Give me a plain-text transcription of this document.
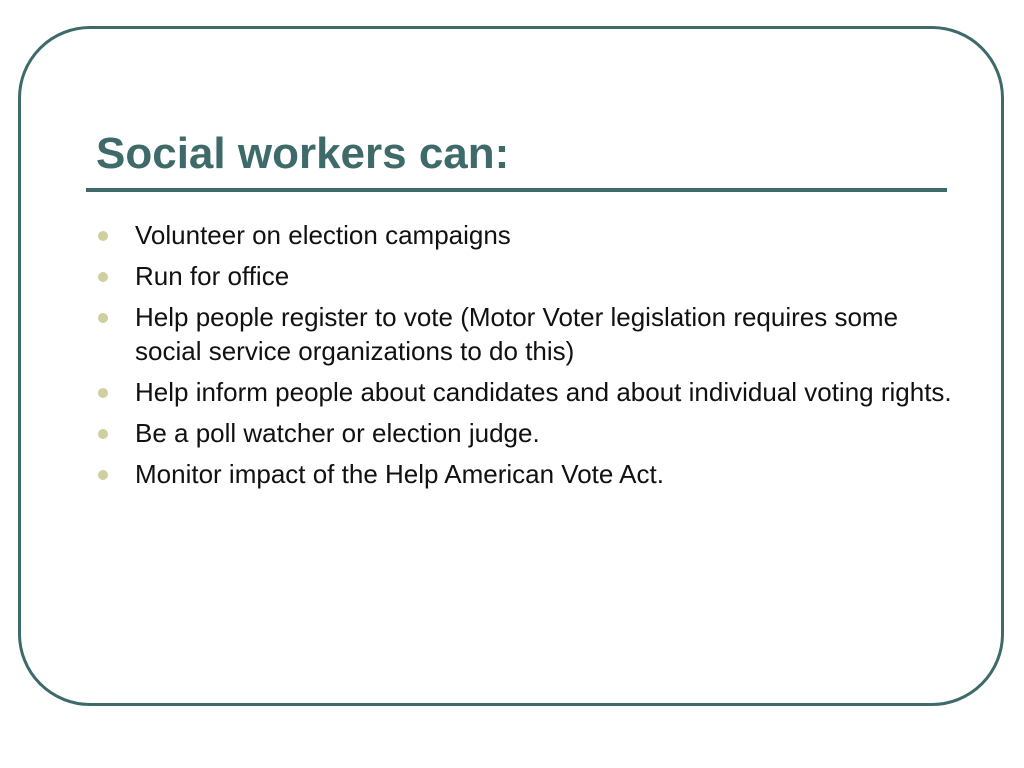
Social workers can:
Volunteer on election campaigns
Run for office
Help people register to vote (Motor Voter legislation requires some social service organizations to do this)
Help inform people about candidates and about individual voting rights.
Be a poll watcher or election judge.
Monitor impact of the Help American Vote Act.
